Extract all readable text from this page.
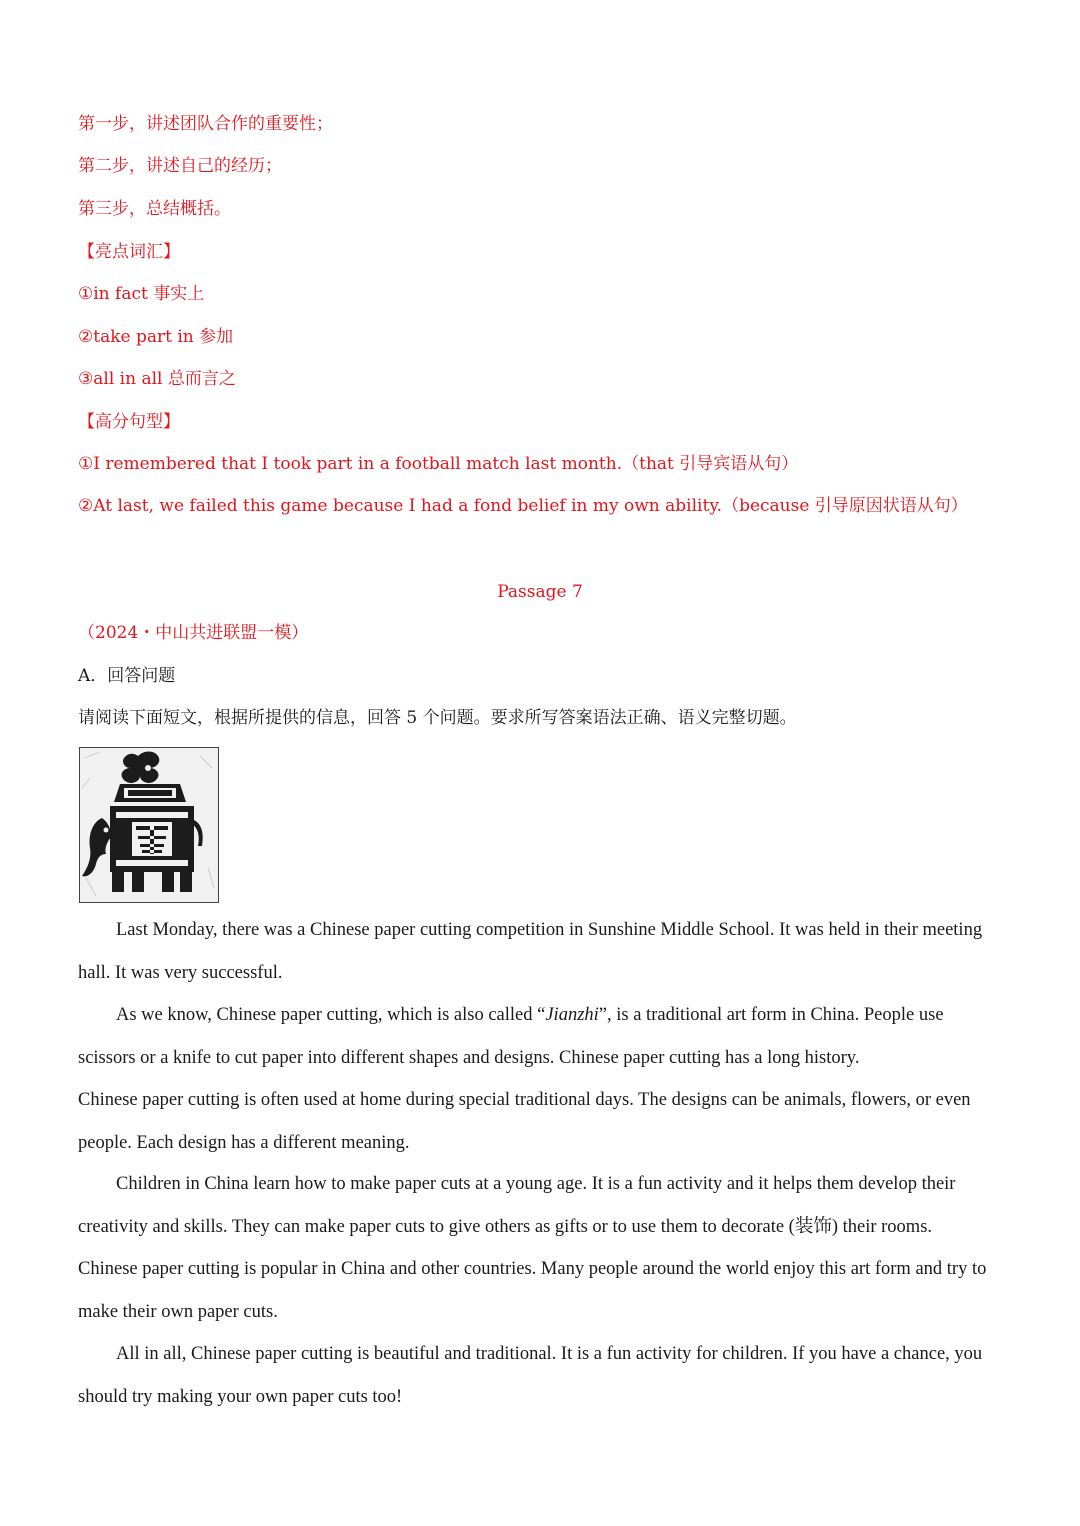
第一步，讲述团队合作的重要性；
第二步，讲述自己的经历；
第三步，总结概括。
【亮点词汇】
①in fact 事实上
②take part in 参加
③all in all 总而言之
【高分句型】
①I remembered that I took part in a football match last month.（that 引导宾语从句）
②At last, we failed this game because I had a fond belief in my own ability.（because 引导原因状语从句）
Passage 7
（2024・中山共进联盟一模）
A．回答问题
请阅读下面短文，根据所提供的信息，回答 5 个问题。要求所写答案语法正确、语义完整切题。

Last Monday, there was a Chinese paper cutting competition in Sunshine Middle School. It was held in their meeting hall. It was very successful.

As we know, Chinese paper cutting, which is also called “Jianzhi”, is a traditional art form in China. People use scissors or a knife to cut paper into different shapes and designs. Chinese paper cutting has a long history.

Chinese paper cutting is often used at home during special traditional days. The designs can be animals, flowers, or even people. Each design has a different meaning.

Children in China learn how to make paper cuts at a young age. It is a fun activity and it helps them develop their creativity and skills. They can make paper cuts to give others as gifts or to use them to decorate (装饰) their rooms.

Chinese paper cutting is popular in China and other countries. Many people around the world enjoy this art form and try to make their own paper cuts.

All in all, Chinese paper cutting is beautiful and traditional. It is a fun activity for children. If you have a chance, you should try making your own paper cuts too!
